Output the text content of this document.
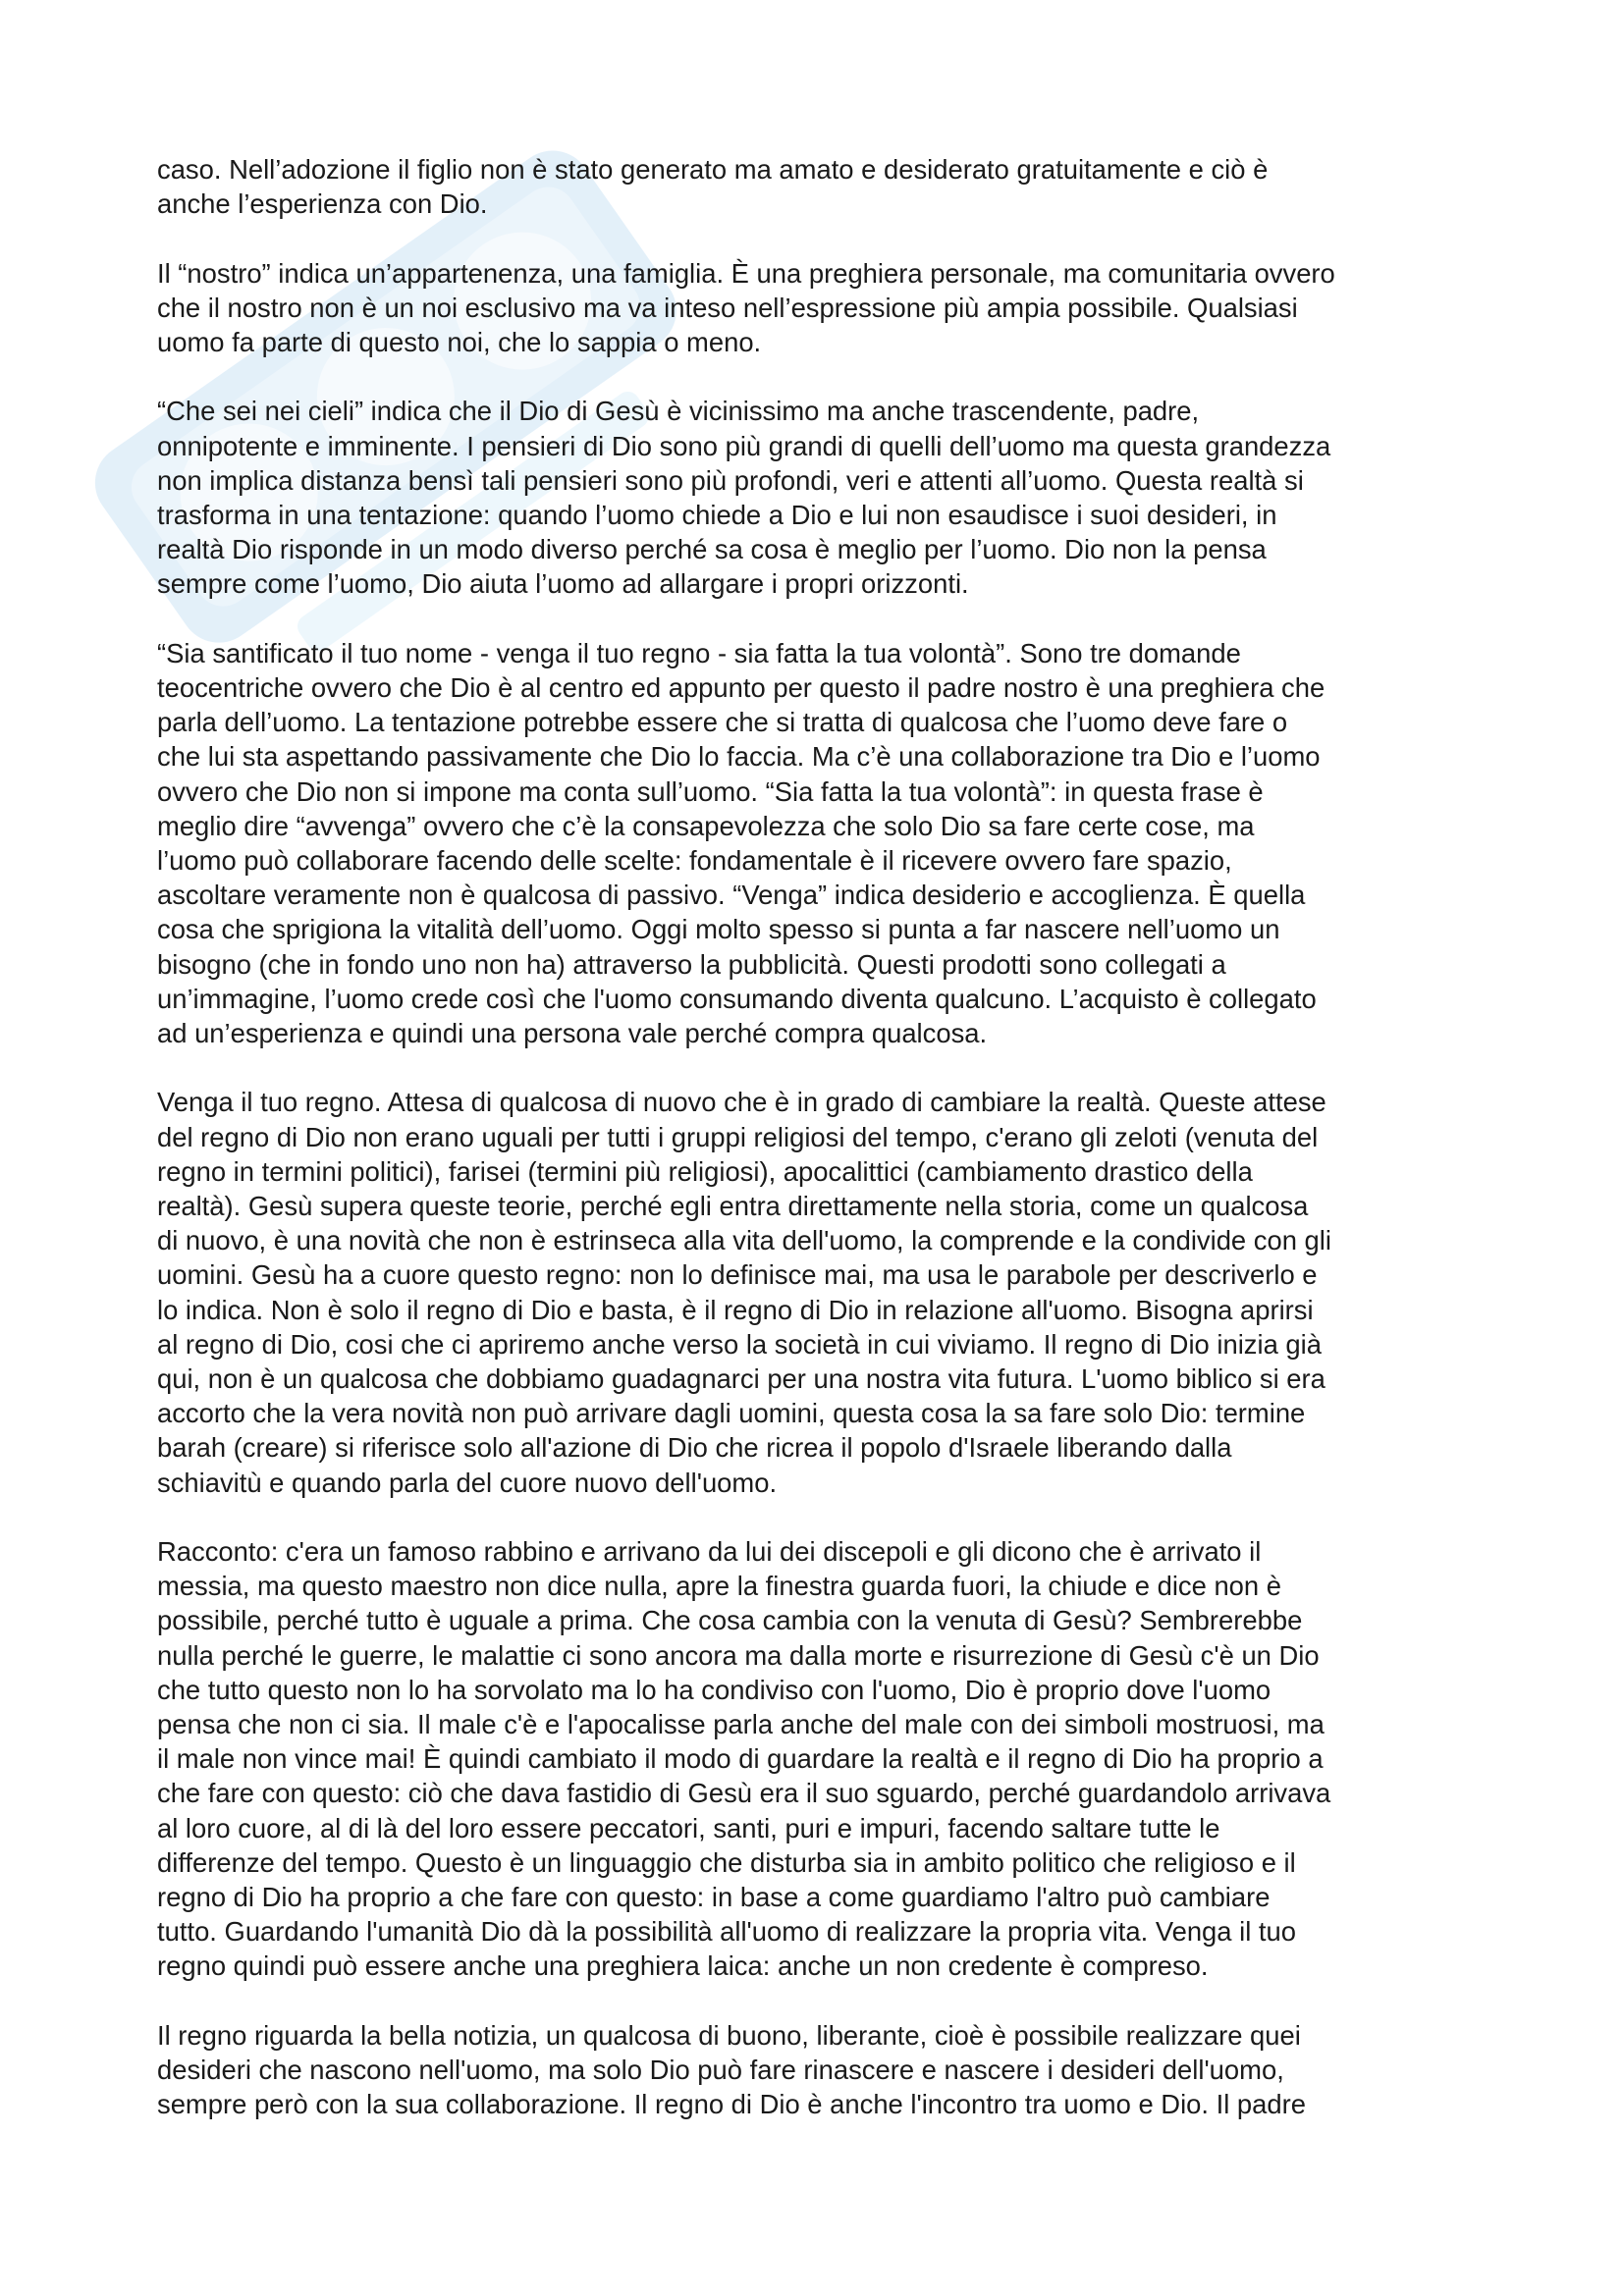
caso. Nell’adozione il figlio non è stato generato ma amato e desiderato gratuitamente e ciò è
anche l’esperienza con Dio.

Il “nostro” indica un’appartenenza, una famiglia. È una preghiera personale, ma comunitaria ovvero
che il nostro non è un noi esclusivo ma va inteso nell’espressione più ampia possibile. Qualsiasi
uomo fa parte di questo noi, che lo sappia o meno.

“Che sei nei cieli” indica che il Dio di Gesù è vicinissimo ma anche trascendente, padre,
onnipotente e imminente. I pensieri di Dio sono più grandi di quelli dell’uomo ma questa grandezza
non implica distanza bensì tali pensieri sono più profondi, veri e attenti all’uomo. Questa realtà si
trasforma in una tentazione: quando l’uomo chiede a Dio e lui non esaudisce i suoi desideri, in
realtà Dio risponde in un modo diverso perché sa cosa è meglio per l’uomo. Dio non la pensa
sempre come l’uomo, Dio aiuta l’uomo ad allargare i propri orizzonti.

“Sia santificato il tuo nome - venga il tuo regno - sia fatta la tua volontà”. Sono tre domande
teocentriche ovvero che Dio è al centro ed appunto per questo il padre nostro è una preghiera che
parla dell’uomo. La tentazione potrebbe essere che si tratta di qualcosa che l’uomo deve fare o
che lui sta aspettando passivamente che Dio lo faccia. Ma c’è una collaborazione tra Dio e l’uomo
ovvero che Dio non si impone ma conta sull’uomo. “Sia fatta la tua volontà”: in questa frase è
meglio dire “avvenga” ovvero che c’è la consapevolezza che solo Dio sa fare certe cose, ma
l’uomo può collaborare facendo delle scelte: fondamentale è il ricevere ovvero fare spazio,
ascoltare veramente non è qualcosa di passivo. “Venga” indica desiderio e accoglienza. È quella
cosa che sprigiona la vitalità dell’uomo. Oggi molto spesso si punta a far nascere nell’uomo un
bisogno (che in fondo uno non ha) attraverso la pubblicità. Questi prodotti sono collegati a
un’immagine, l’uomo crede così che l'uomo consumando diventa qualcuno. L’acquisto è collegato
ad un’esperienza e quindi una persona vale perché compra qualcosa.

Venga il tuo regno. Attesa di qualcosa di nuovo che è in grado di cambiare la realtà. Queste attese
del regno di Dio non erano uguali per tutti i gruppi religiosi del tempo, c'erano gli zeloti (venuta del
regno in termini politici), farisei (termini più religiosi), apocalittici (cambiamento drastico della
realtà). Gesù supera queste teorie, perché egli entra direttamente nella storia, come un qualcosa
di nuovo, è una novità che non è estrinseca alla vita dell'uomo, la comprende e la condivide con gli
uomini. Gesù ha a cuore questo regno: non lo definisce mai, ma usa le parabole per descriverlo e
lo indica. Non è solo il regno di Dio e basta, è il regno di Dio in relazione all'uomo. Bisogna aprirsi
al regno di Dio, cosi che ci apriremo anche verso la società in cui viviamo. Il regno di Dio inizia già
qui, non è un qualcosa che dobbiamo guadagnarci per una nostra vita futura. L'uomo biblico si era
accorto che la vera novità non può arrivare dagli uomini, questa cosa la sa fare solo Dio: termine
barah (creare) si riferisce solo all'azione di Dio che ricrea il popolo d'Israele liberando dalla
schiavitù e quando parla del cuore nuovo dell'uomo.

Racconto: c'era un famoso rabbino e arrivano da lui dei discepoli e gli dicono che è arrivato il
messia, ma questo maestro non dice nulla, apre la finestra guarda fuori, la chiude e dice non è
possibile, perché tutto è uguale a prima. Che cosa cambia con la venuta di Gesù? Sembrerebbe
nulla perché le guerre, le malattie ci sono ancora ma dalla morte e risurrezione di Gesù c'è un Dio
che tutto questo non lo ha sorvolato ma lo ha condiviso con l'uomo, Dio è proprio dove l'uomo
pensa che non ci sia. Il male c'è e l'apocalisse parla anche del male con dei simboli mostruosi, ma
il male non vince mai! È quindi cambiato il modo di guardare la realtà e il regno di Dio ha proprio a
che fare con questo: ciò che dava fastidio di Gesù era il suo sguardo, perché guardandolo arrivava
al loro cuore, al di là del loro essere peccatori, santi, puri e impuri, facendo saltare tutte le
differenze del tempo. Questo è un linguaggio che disturba sia in ambito politico che religioso e il
regno di Dio ha proprio a che fare con questo: in base a come guardiamo l'altro può cambiare
tutto. Guardando l'umanità Dio dà la possibilità all'uomo di realizzare la propria vita. Venga il tuo
regno quindi può essere anche una preghiera laica: anche un non credente è compreso.

Il regno riguarda la bella notizia, un qualcosa di buono, liberante, cioè è possibile realizzare quei
desideri che nascono nell'uomo, ma solo Dio può fare rinascere e nascere i desideri dell'uomo,
sempre però con la sua collaborazione. Il regno di Dio è anche l'incontro tra uomo e Dio. Il padre
